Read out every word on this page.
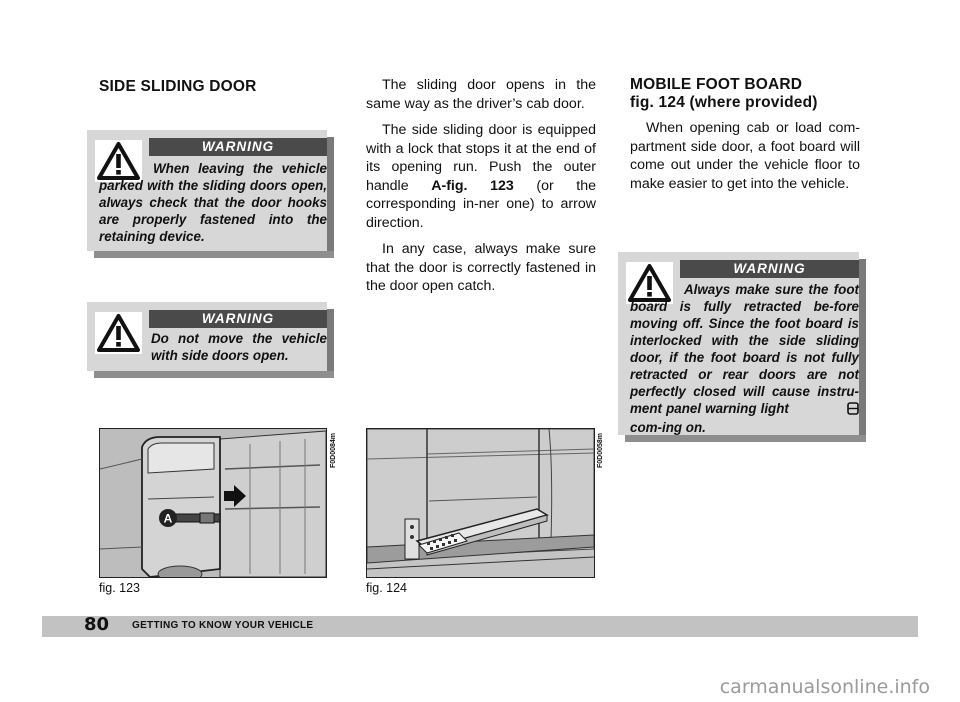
SIDE SLIDING DOOR
WARNING
When leaving the vehicle parked with the sliding doors open, always check that the door hooks are properly fastened into the retaining device.
WARNING
Do not move the vehicle with side doors open.
A
F0D0084m
fig. 123

The sliding door opens in the same way as the driver’s cab door.

The side sliding door is equipped with a lock that stops it at the end of its opening run. Push the outer handle A-fig. 123 (or the corresponding in-ner one) to arrow direction.

In any case, always make sure that the door is correctly fastened in the door open catch.

F0D0058m
fig. 124
MOBILE FOOT BOARD
fig. 124 (where provided)

When opening cab or load com-partment side door, a foot board will come out under the vehicle floor to make easier to get into the vehicle.

WARNING
Always make sure the foot board is fully retracted be-fore moving off. Since the foot board is interlocked with the side sliding door, if the foot board is not fully retracted or rear doors are not perfectly closed will cause instru-ment panel warning light  com-ing on.
80 GETTING TO KNOW YOUR VEHICLE
carmanualsonline.info
